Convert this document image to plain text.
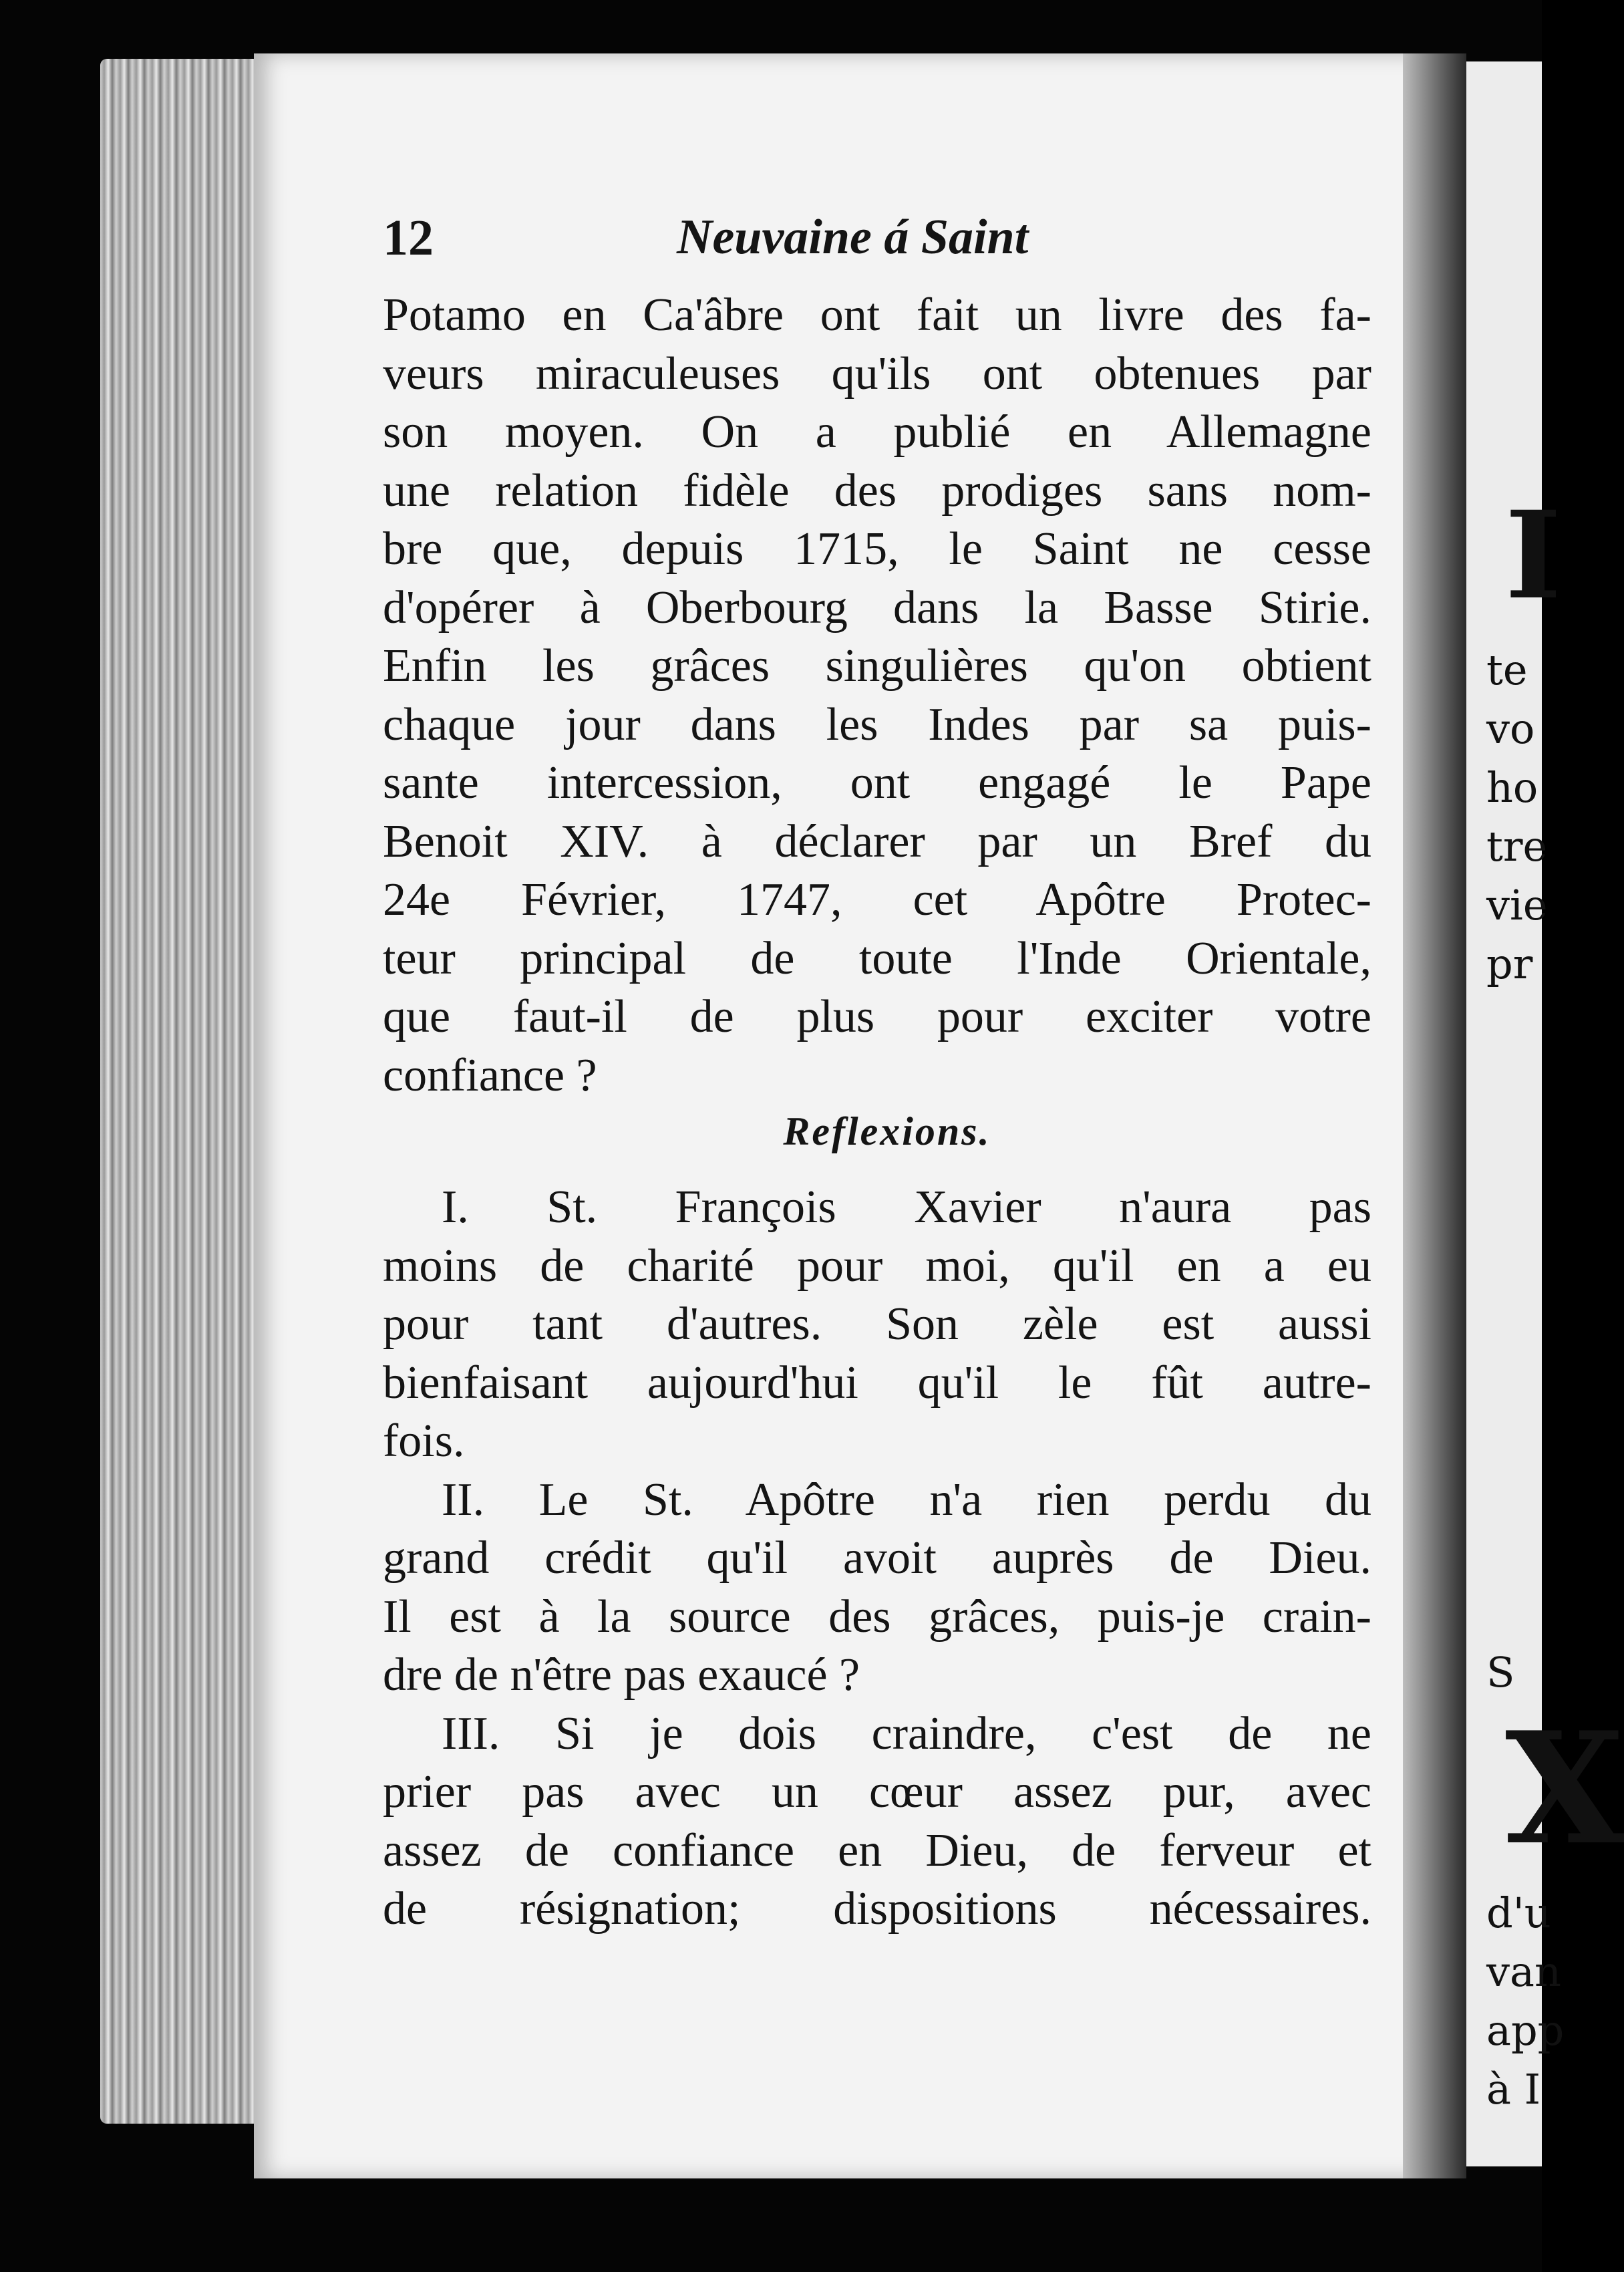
I
te
vo
ho
tre
vie
pr
S
X
d'u
van
app
à I
12	Neuvaine á Saint
Potamo en Ca'âbre ont fait un livre des fa-
veurs miraculeuses qu'ils ont obtenues par
son moyen. On a publié en Allemagne
une relation fidèle des prodiges sans nom-
bre que, depuis 1715, le Saint ne cesse
d'opérer à Oberbourg dans la Basse Stirie.
Enfin les grâces singulières qu'on obtient
chaque jour dans les Indes par sa puis-
sante intercession, ont engagé le Pape
Benoit XIV. à déclarer par un Bref du
24e Février, 1747, cet Apôtre Protec-
teur principal de toute l'Inde Orientale,
que faut-il de plus pour exciter votre
confiance ?
Reflexions.
I. St. François Xavier n'aura pas
moins de charité pour moi, qu'il en a eu
pour tant d'autres. Son zèle est aussi
bienfaisant aujourd'hui qu'il le fût autre-
fois.
II. Le St. Apôtre n'a rien perdu du
grand crédit qu'il avoit auprès de Dieu.
Il est à la source des grâces, puis-je crain-
dre de n'être pas exaucé ?
III. Si je dois craindre, c'est de ne
prier pas avec un cœur assez pur, avec
assez de confiance en Dieu, de ferveur et
de résignation; dispositions nécessaires.
